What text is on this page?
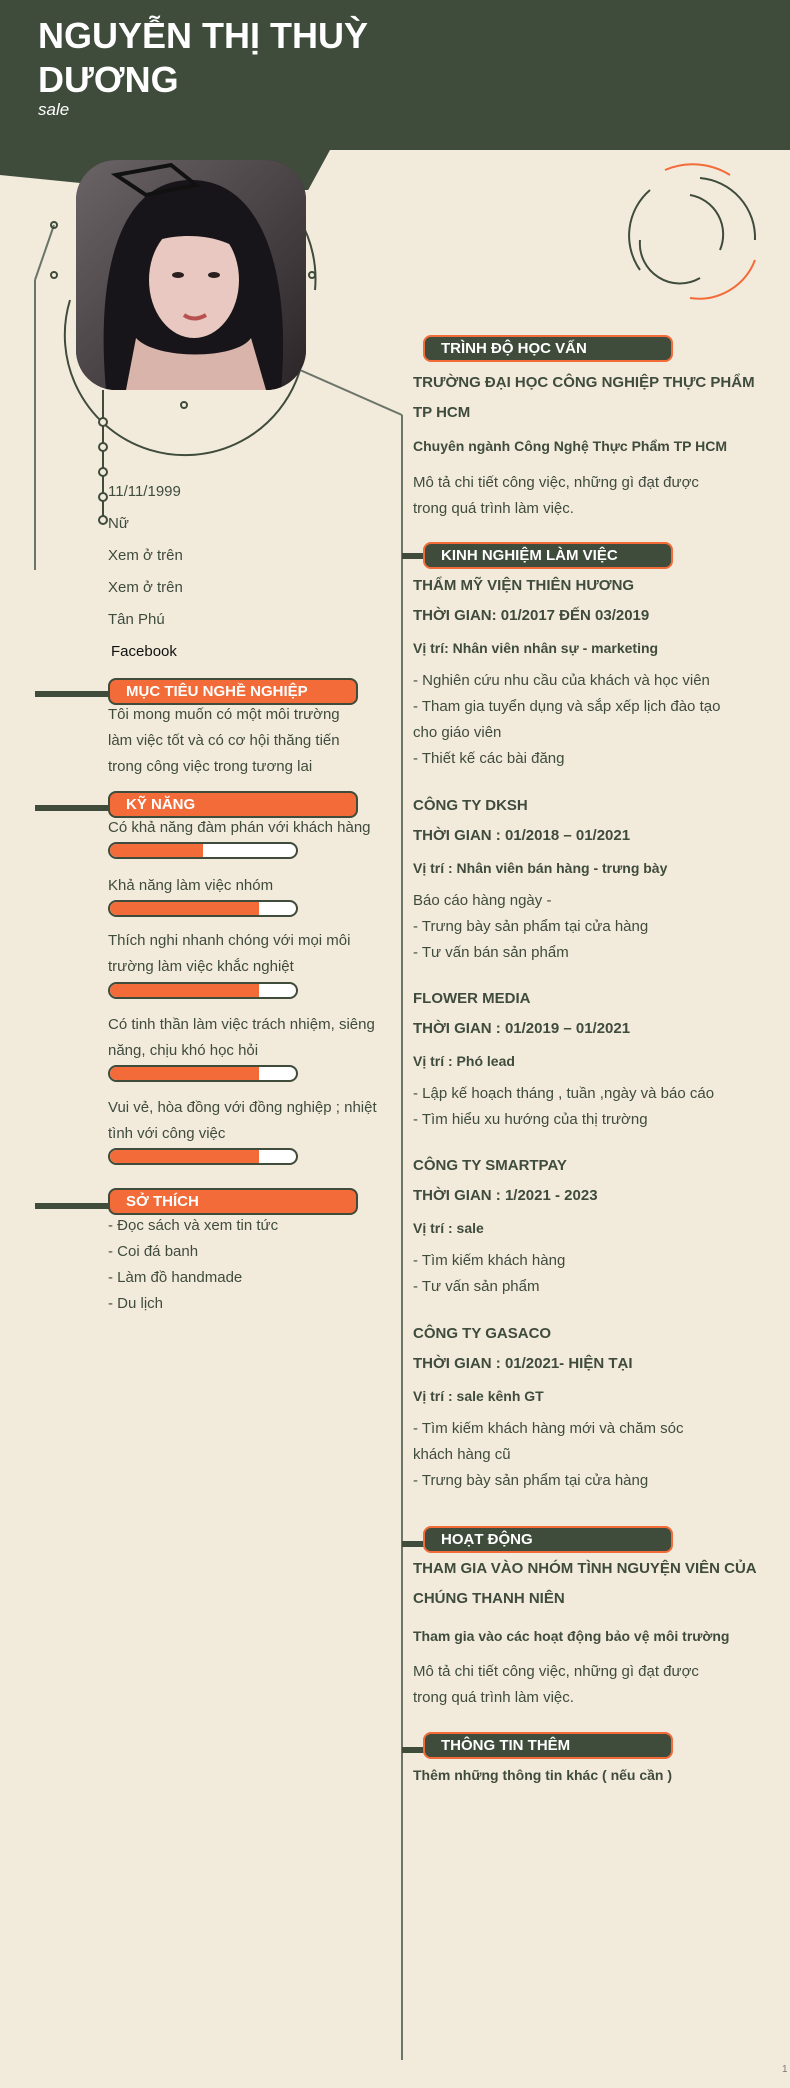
NGUYỄN THỊ THUỲ DƯƠNG
sale
11/11/1999
Nữ
Xem ở trên
Xem ở trên
Tân Phú
Facebook
MỤC TIÊU NGHỀ NGHIỆP
Tôi mong muốn có một môi trường
làm việc tốt và có cơ hội thăng tiến
trong công việc trong tương lai
KỸ NĂNG
Có khả năng đàm phán với khách hàng
Khả năng làm việc nhóm
Thích nghi nhanh chóng với mọi môi
trường làm việc khắc nghiệt
Có tinh thần làm việc trách nhiệm, siêng
năng, chịu khó học hỏi
Vui vẻ, hòa đồng với đồng nghiệp ; nhiệt
tình với công việc
SỞ THÍCH
- Đọc sách và xem tin tức
- Coi đá banh
- Làm đồ handmade
- Du lịch
TRÌNH ĐỘ HỌC VẤN
TRƯỜNG ĐẠI HỌC CÔNG NGHIỆP THỰC PHẨM
TP HCM
Chuyên ngành Công Nghệ Thực Phẩm TP HCM
Mô tả chi tiết công việc, những gì đạt được
trong quá trình làm việc.
KINH NGHIỆM LÀM VIỆC
THẨM MỸ VIỆN THIÊN HƯƠNG
THỜI GIAN: 01/2017 ĐẾN 03/2019
Vị trí: Nhân viên nhân sự - marketing
- Nghiên cứu nhu cầu của khách và học viên
- Tham gia tuyển dụng và sắp xếp lịch đào tạo
cho giáo viên
- Thiết kế các bài đăng
CÔNG TY DKSH
THỜI GIAN : 01/2018 – 01/2021
Vị trí : Nhân viên bán hàng - trưng bày
Báo cáo hàng ngày -
- Trưng bày sản phẩm tại cửa hàng
- Tư vấn bán sản phẩm
FLOWER MEDIA
THỜI GIAN : 01/2019 – 01/2021
Vị trí : Phó lead
- Lập kế hoạch tháng , tuần ,ngày và báo cáo
- Tìm hiểu xu hướng của thị trường
CÔNG TY SMARTPAY
THỜI GIAN : 1/2021 - 2023
Vị trí : sale
- Tìm kiếm khách hàng
- Tư vấn sản phẩm
CÔNG TY GASACO
THỜI GIAN : 01/2021- HIỆN TẠI
Vị trí : sale kênh GT
- Tìm kiếm khách hàng mới và chăm sóc
khách hàng cũ
- Trưng bày sản phẩm tại cửa hàng
HOẠT ĐỘNG
THAM GIA VÀO NHÓM TÌNH NGUYỆN VIÊN CỦA
CHÚNG THANH NIÊN
Tham gia vào các hoạt động bảo vệ môi trường
Mô tả chi tiết công việc, những gì đạt được
trong quá trình làm việc.
THÔNG TIN THÊM
Thêm những thông tin khác ( nếu cần )
1
